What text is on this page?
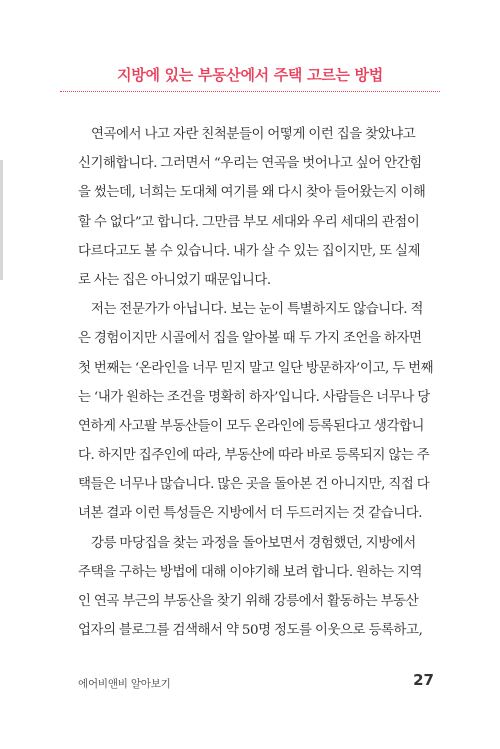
지방에 있는 부동산에서 주택 고르는 방법
연곡에서 나고 자란 친척분들이 어떻게 이런 집을 찾았냐고
신기해합니다. 그러면서 “우리는 연곡을 벗어나고 싶어 안간힘
을 썼는데, 너희는 도대체 여기를 왜 다시 찾아 들어왔는지 이해
할 수 없다”고 합니다. 그만큼 부모 세대와 우리 세대의 관점이
다르다고도 볼 수 있습니다. 내가 살 수 있는 집이지만, 또 실제
로 사는 집은 아니었기 때문입니다.
저는 전문가가 아닙니다. 보는 눈이 특별하지도 않습니다. 적
은 경험이지만 시골에서 집을 알아볼 때 두 가지 조언을 하자면
첫 번째는 ‘온라인을 너무 믿지 말고 일단 방문하자’이고, 두 번째
는 ‘내가 원하는 조건을 명확히 하자’입니다. 사람들은 너무나 당
연하게 사고팔 부동산들이 모두 온라인에 등록된다고 생각합니
다. 하지만 집주인에 따라, 부동산에 따라 바로 등록되지 않는 주
택들은 너무나 많습니다. 많은 곳을 돌아본 건 아니지만, 직접 다
녀본 결과 이런 특성들은 지방에서 더 두드러지는 것 같습니다.
강릉 마당집을 찾는 과정을 돌아보면서 경험했던, 지방에서
주택을 구하는 방법에 대해 이야기해 보려 합니다. 원하는 지역
인 연곡 부근의 부동산을 찾기 위해 강릉에서 활동하는 부동산
업자의 블로그를 검색해서 약 50명 정도를 이웃으로 등록하고,
에어비앤비 알아보기	27
